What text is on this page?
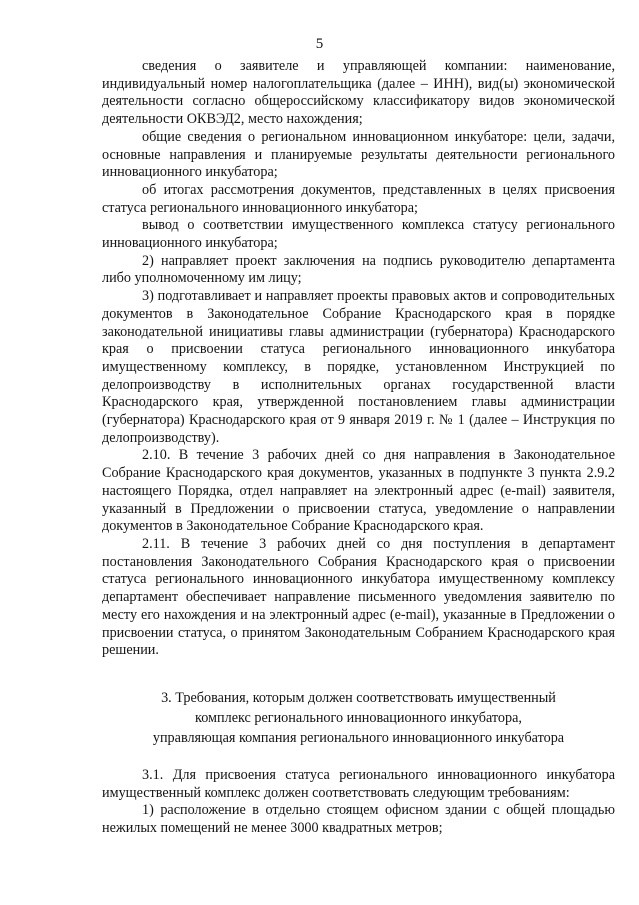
5

сведения о заявителе и управляющей компании: наименование, индивидуальный номер налогоплательщика (далее – ИНН), вид(ы) экономической деятельности согласно общероссийскому классификатору видов экономической деятельности ОКВЭД2, место нахождения;

общие сведения о региональном инновационном инкубаторе: цели, задачи, основные направления и планируемые результаты деятельности регионального инновационного инкубатора;

об итогах рассмотрения документов, представленных в целях присвоения статуса регионального инновационного инкубатора;

вывод о соответствии имущественного комплекса статусу регионального инновационного инкубатора;

2) направляет проект заключения на подпись руководителю департамента либо уполномоченному им лицу;

3) подготавливает и направляет проекты правовых актов и сопроводительных документов в Законодательное Собрание Краснодарского края в порядке законодательной инициативы главы администрации (губернатора) Краснодарского края о присвоении статуса регионального инновационного инкубатора имущественному комплексу, в порядке, установленном Инструкцией по делопроизводству в исполнительных органах государственной власти Краснодарского края, утвержденной постановлением главы администрации (губернатора) Краснодарского края от 9 января 2019 г. № 1 (далее – Инструкция по делопроизводству).

2.10. В течение 3 рабочих дней со дня направления в Законодательное Собрание Краснодарского края документов, указанных в подпункте 3 пункта 2.9.2 настоящего Порядка, отдел направляет на электронный адрес (e-mail) заявителя, указанный в Предложении о присвоении статуса, уведомление о направлении документов в Законодательное Собрание Краснодарского края.

2.11. В течение 3 рабочих дней со дня поступления в департамент постановления Законодательного Собрания Краснодарского края о присвоении статуса регионального инновационного инкубатора имущественному комплексу департамент обеспечивает направление письменного уведомления заявителю по месту его нахождения и на электронный адрес (e-mail), указанные в Предложении о присвоении статуса, о принятом Законодательным Собранием Краснодарского края решении.

3. Требования, которым должен соответствовать имущественный
комплекс регионального инновационного инкубатора,
управляющая компания регионального инновационного инкубатора

3.1. Для присвоения статуса регионального инновационного инкубатора имущественный комплекс должен соответствовать следующим требованиям:

1) расположение в отдельно стоящем офисном здании с общей площадью нежилых помещений не менее 3000 квадратных метров;
